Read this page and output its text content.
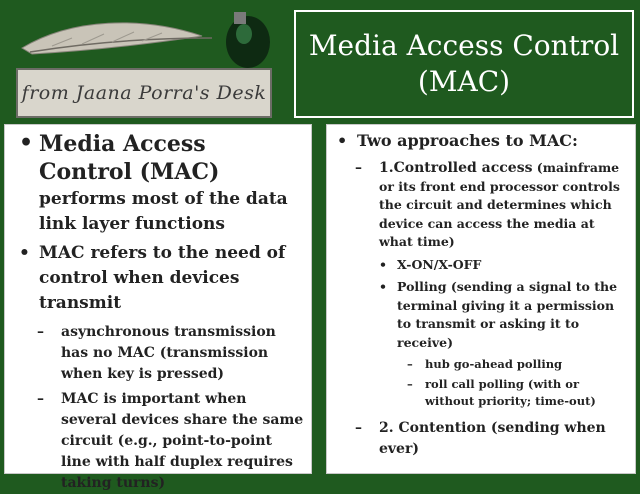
from Jaana Porra's Desk
Media Access Control
(MAC)
• Media Access Control (MAC) performs most of the data link layer functions
• MAC refers to the need of control when devices transmit
– asynchronous transmission has no MAC (transmission when key is pressed)
– MAC is important when several devices share the same circuit (e.g., point-to-point line with half duplex requires taking turns)
• Two approaches to MAC:
– 1.Controlled access (mainframe or its front end processor controls the circuit and determines which device can access the media at what time)
• X-ON/X-OFF
• Polling (sending a signal to the terminal giving it a permission to transmit or asking it to receive)
– hub go-ahead polling
– roll call polling (with or without priority; time-out)
– 2. Contention (sending when ever)
